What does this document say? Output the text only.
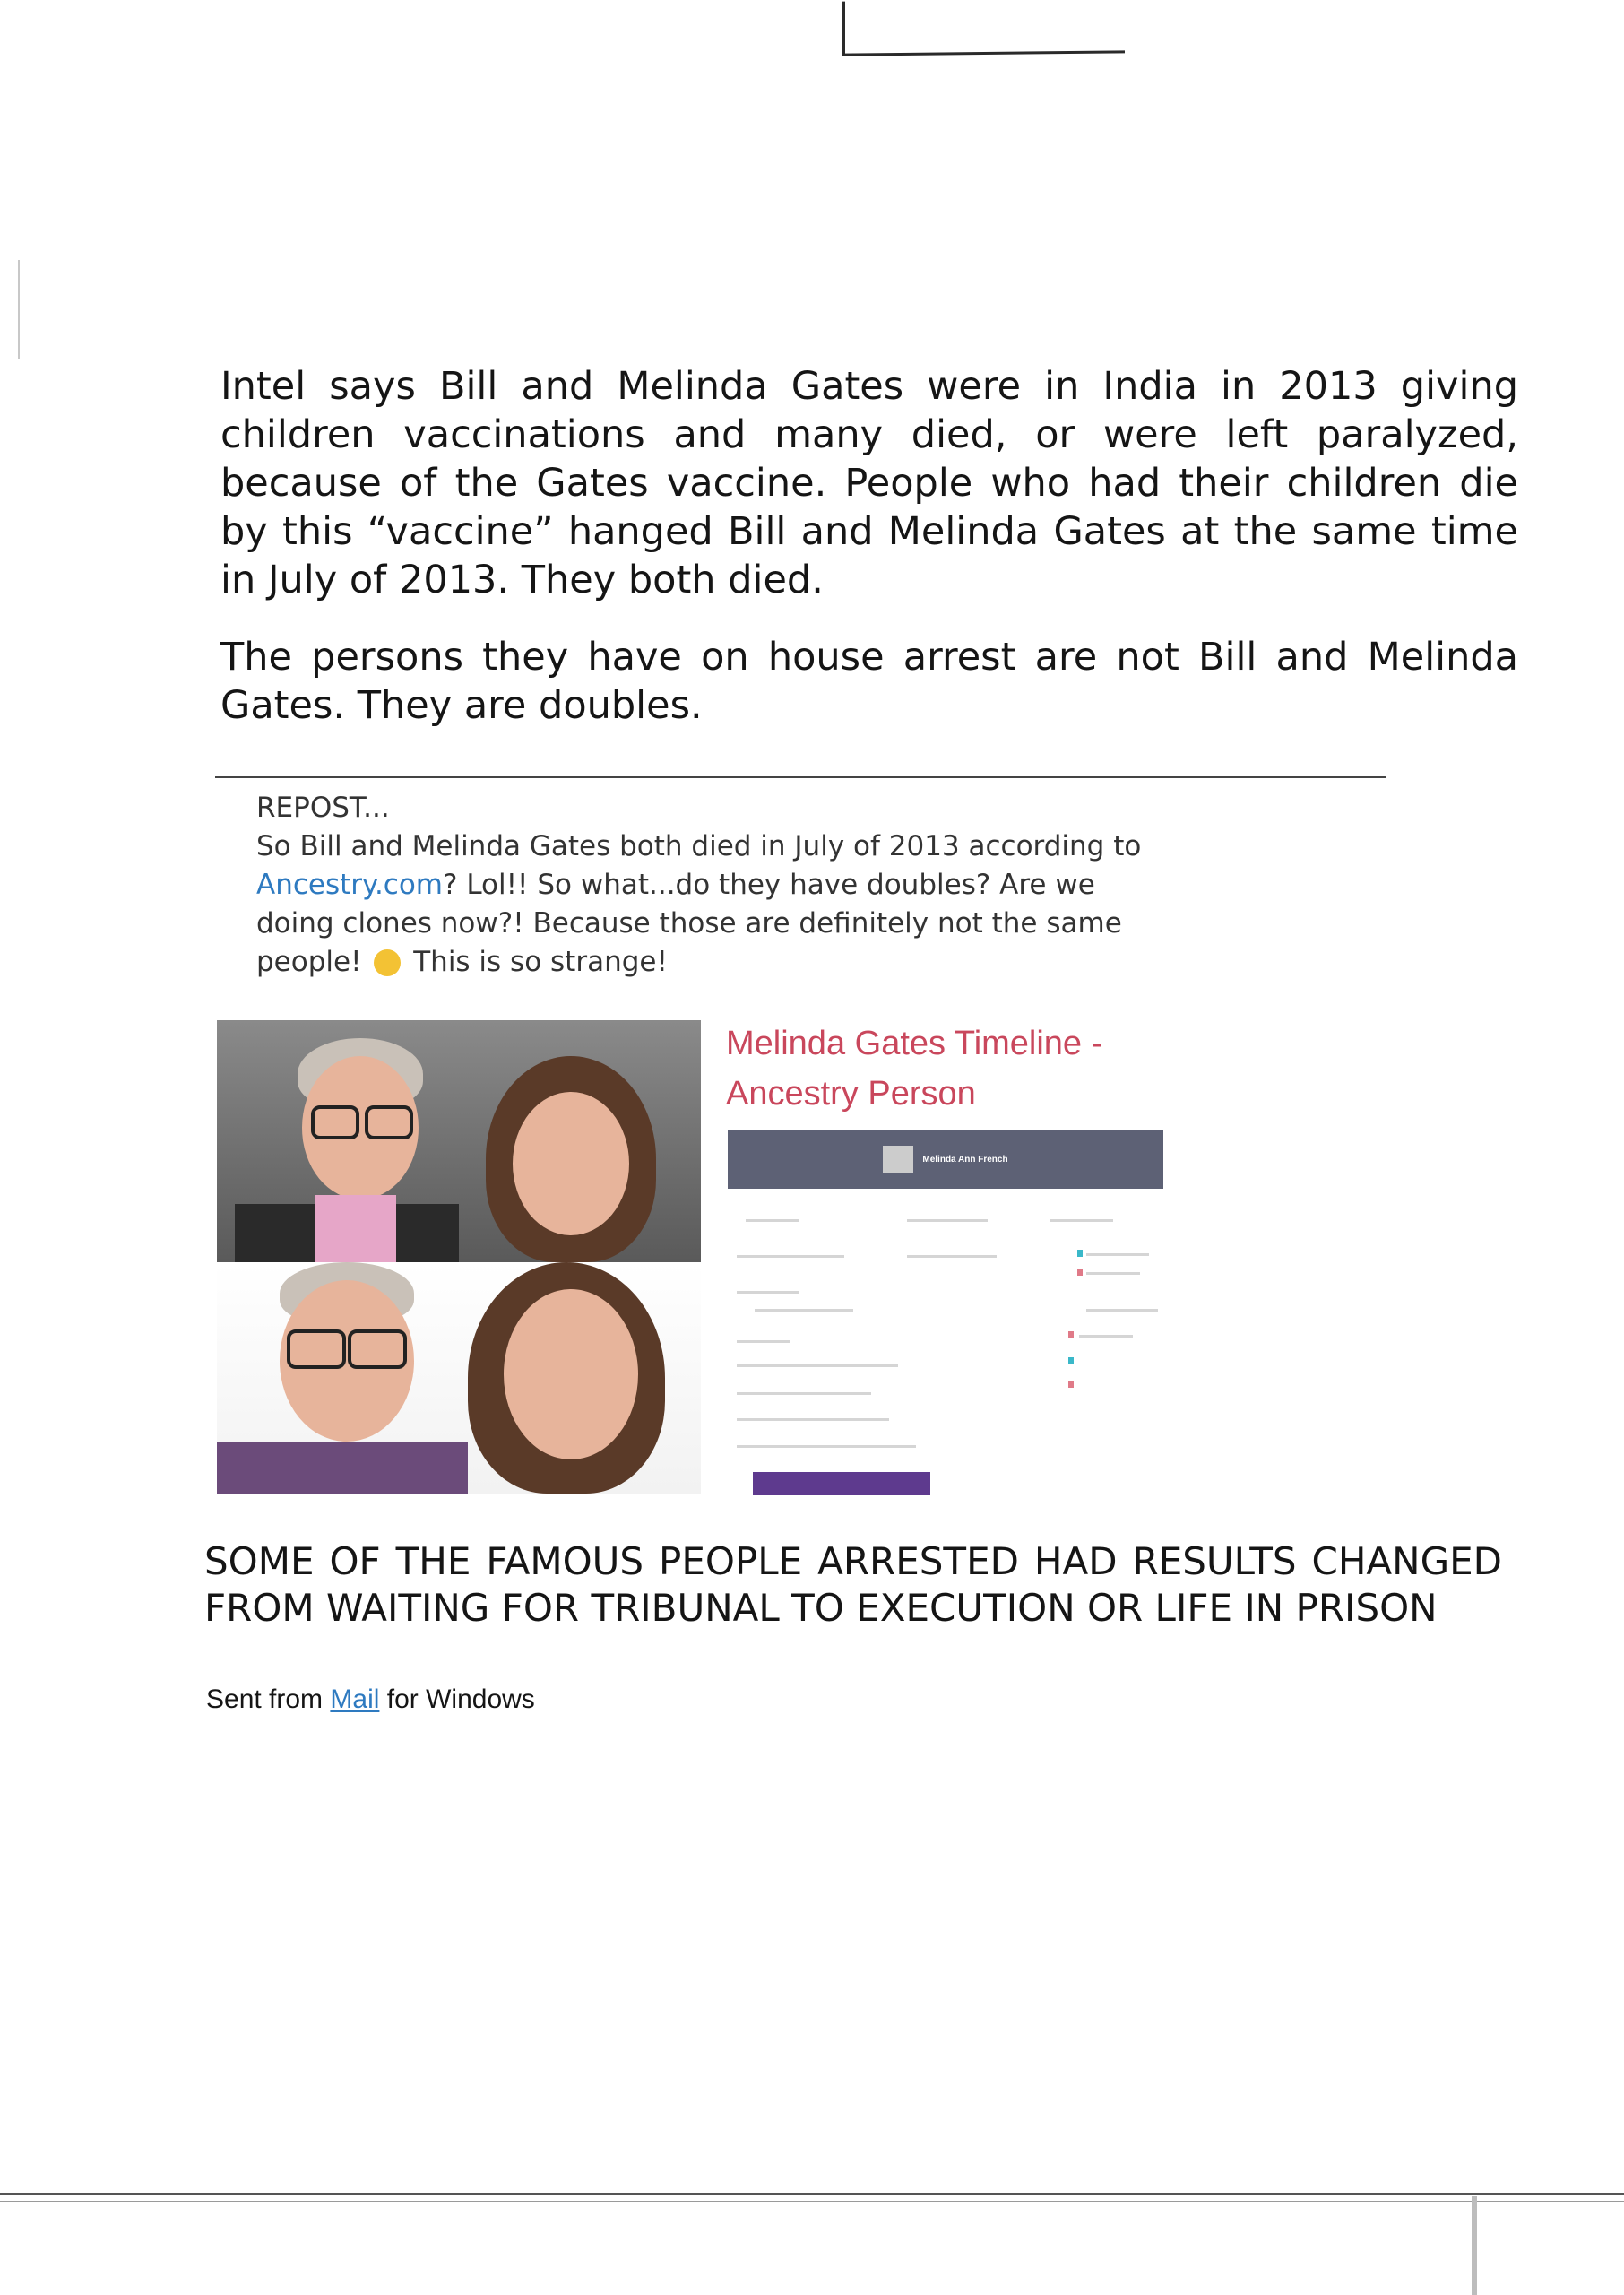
Intel says Bill and Melinda Gates were in India in 2013 giving children vaccinations and many died, or were left paralyzed, because of the Gates vaccine. People who had their children die by this “vaccine” hanged Bill and Melinda Gates at the same time in July of 2013. They both died.

The persons they have on house arrest are not Bill and Melinda Gates. They are doubles.

REPOST...
So Bill and Melinda Gates both died in July of 2013 according to
Ancestry.com? Lol!! So what...do they have doubles? Are we
doing clones now?! Because those are definitely not the same
people! This is so strange!
Melinda Gates Timeline -
Ancestry Person
Melinda Ann French
SOME OF THE FAMOUS PEOPLE ARRESTED HAD RESULTS CHANGED FROM WAITING FOR TRIBUNAL TO EXECUTION OR LIFE IN PRISON
Sent from Mail for Windows
